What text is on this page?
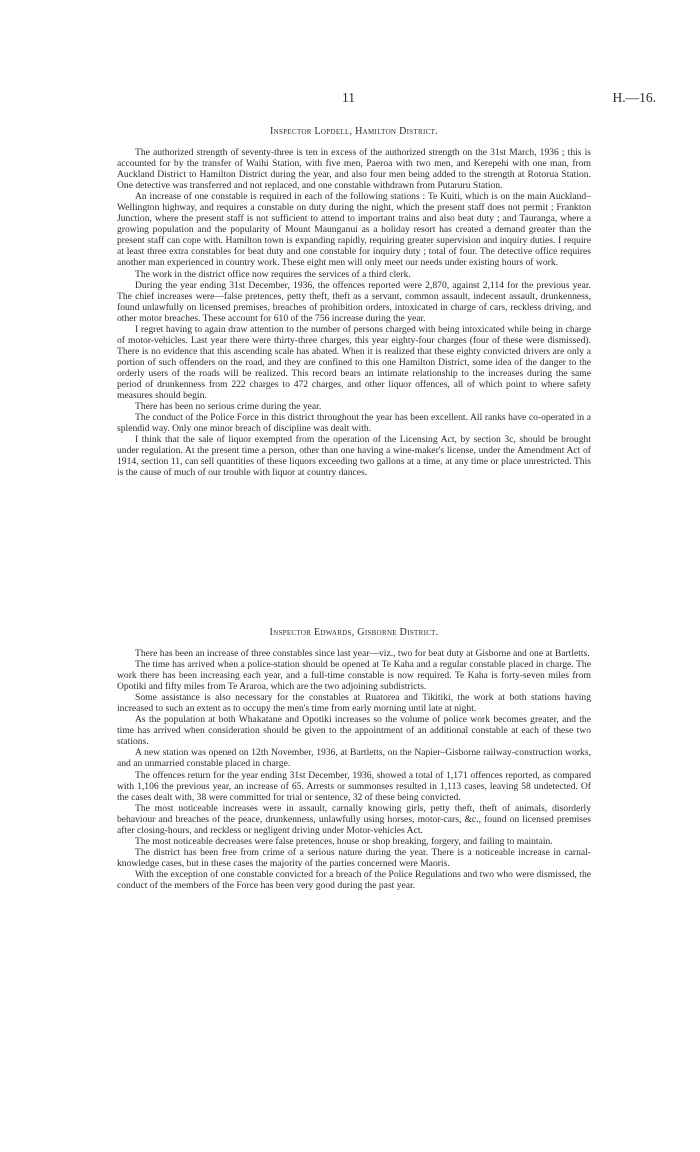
11	H.—16.

Inspector Lopdell, Hamilton District.

The authorized strength of seventy-three is ten in excess of the authorized strength on the 31st March, 1936 ; this is accounted for by the transfer of Waihi Station, with five men, Paeroa with two men, and Kerepehi with one man, from Auckland District to Hamilton District during the year, and also four men being added to the strength at Rotorua Station. One detective was transferred and not replaced, and one constable withdrawn from Putaruru Station.

An increase of one constable is required in each of the following stations : Te Kuiti, which is on the main Auckland–Wellington highway, and requires a constable on duty during the night, which the present staff does not permit ; Frankton Junction, where the present staff is not sufficient to attend to important trains and also beat duty ; and Tauranga, where a growing population and the popularity of Mount Maunganui as a holiday resort has created a demand greater than the present staff can cope with. Hamilton town is expanding rapidly, requiring greater supervision and inquiry duties. I require at least three extra constables for beat duty and one constable for inquiry duty ; total of four. The detective office requires another man experienced in country work. These eight men will only meet our needs under existing hours of work.

The work in the district office now requires the services of a third clerk.

During the year ending 31st December, 1936, the offences reported were 2,870, against 2,114 for the previous year. The chief increases were—false pretences, petty theft, theft as a servant, common assault, indecent assault, drunkenness, found unlawfully on licensed premises, breaches of prohibition orders, intoxicated in charge of cars, reckless driving, and other motor breaches. These account for 610 of the 756 increase during the year.

I regret having to again draw attention to the number of persons charged with being intoxicated while being in charge of motor-vehicles. Last year there were thirty-three charges, this year eighty-four charges (four of these were dismissed). There is no evidence that this ascending scale has abated. When it is realized that these eighty convicted drivers are only a portion of such offenders on the road, and they are confined to this one Hamilton District, some idea of the danger to the orderly users of the roads will be realized. This record bears an intimate relationship to the increases during the same period of drunkenness from 222 charges to 472 charges, and other liquor offences, all of which point to where safety measures should begin.

There has been no serious crime during the year.

The conduct of the Police Force in this district throughout the year has been excellent. All ranks have co-operated in a splendid way. Only one minor breach of discipline was dealt with.

I think that the sale of liquor exempted from the operation of the Licensing Act, by section 3c, should be brought under regulation. At the present time a person, other than one having a wine-maker's license, under the Amendment Act of 1914, section 11, can sell quantities of these liquors exceeding two gallons at a time, at any time or place unrestricted. This is the cause of much of our trouble with liquor at country dances.

Inspector Edwards, Gisborne District.

There has been an increase of three constables since last year—viz., two for beat duty at Gisborne and one at Bartletts.

The time has arrived when a police-station should be opened at Te Kaha and a regular constable placed in charge. The work there has been increasing each year, and a full-time constable is now required. Te Kaha is forty-seven miles from Opotiki and fifty miles from Te Araroa, which are the two adjoining subdistricts.

Some assistance is also necessary for the constables at Ruatorea and Tikitiki, the work at both stations having increased to such an extent as to occupy the men's time from early morning until late at night.

As the population at both Whakatane and Opotiki increases so the volume of police work becomes greater, and the time has arrived when consideration should be given to the appointment of an additional constable at each of these two stations.

A new station was opened on 12th November, 1936, at Bartletts, on the Napier–Gisborne railway-construction works, and an unmarried constable placed in charge.

The offences return for the year ending 31st December, 1936, showed a total of 1,171 offences reported, as compared with 1,106 the previous year, an increase of 65. Arrests or summonses resulted in 1,113 cases, leaving 58 undetected. Of the cases dealt with, 38 were committed for trial or sentence, 32 of these being convicted.

The most noticeable increases were in assault, carnally knowing girls, petty theft, theft of animals, disorderly behaviour and breaches of the peace, drunkenness, unlawfully using horses, motor-cars, &c., found on licensed premises after closing-hours, and reckless or negligent driving under Motor-vehicles Act.

The most noticeable decreases were false pretences, house or shop breaking, forgery, and failing to maintain.

The district has been free from crime of a serious nature during the year. There is a noticeable increase in carnal-knowledge cases, but in these cases the majority of the parties concerned were Maoris.

With the exception of one constable convicted for a breach of the Police Regulations and two who were dismissed, the conduct of the members of the Force has been very good during the past year.
